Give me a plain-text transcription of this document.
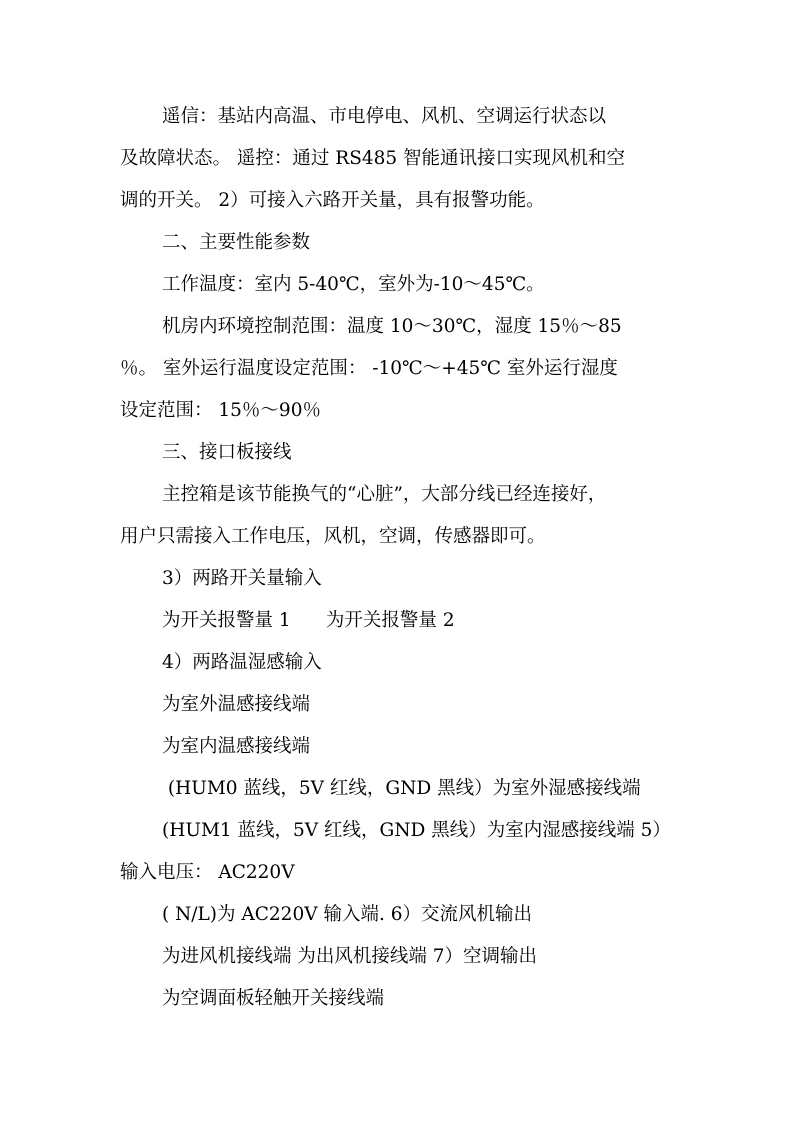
遥信：基站内高温、市电停电、风机、空调运行状态以

及故障状态。 遥控：通过 RS485 智能通讯接口实现风机和空

调的开关。 2）可接入六路开关量，具有报警功能。

二、主要性能参数

工作温度：室内 5-40℃，室外为-10～45℃。

机房内环境控制范围：温度 10～30℃，湿度 15％～85

％。 室外运行温度设定范围： -10℃～+45℃ 室外运行湿度

设定范围： 15％～90％

三、接口板接线

主控箱是该节能换气的“心脏”，大部分线已经连接好，

用户只需接入工作电压，风机，空调，传感器即可。

3）两路开关量输入

为开关报警量 1      为开关报警量 2

4）两路温湿感输入

为室外温感接线端

为室内温感接线端

(HUM0 蓝线，5V 红线，GND 黑线）为室外湿感接线端

(HUM1 蓝线，5V 红线，GND 黑线）为室内湿感接线端 5）

输入电压： AC220V

( N/L)为 AC220V 输入端. 6）交流风机输出

为进风机接线端 为出风机接线端 7）空调输出

为空调面板轻触开关接线端
